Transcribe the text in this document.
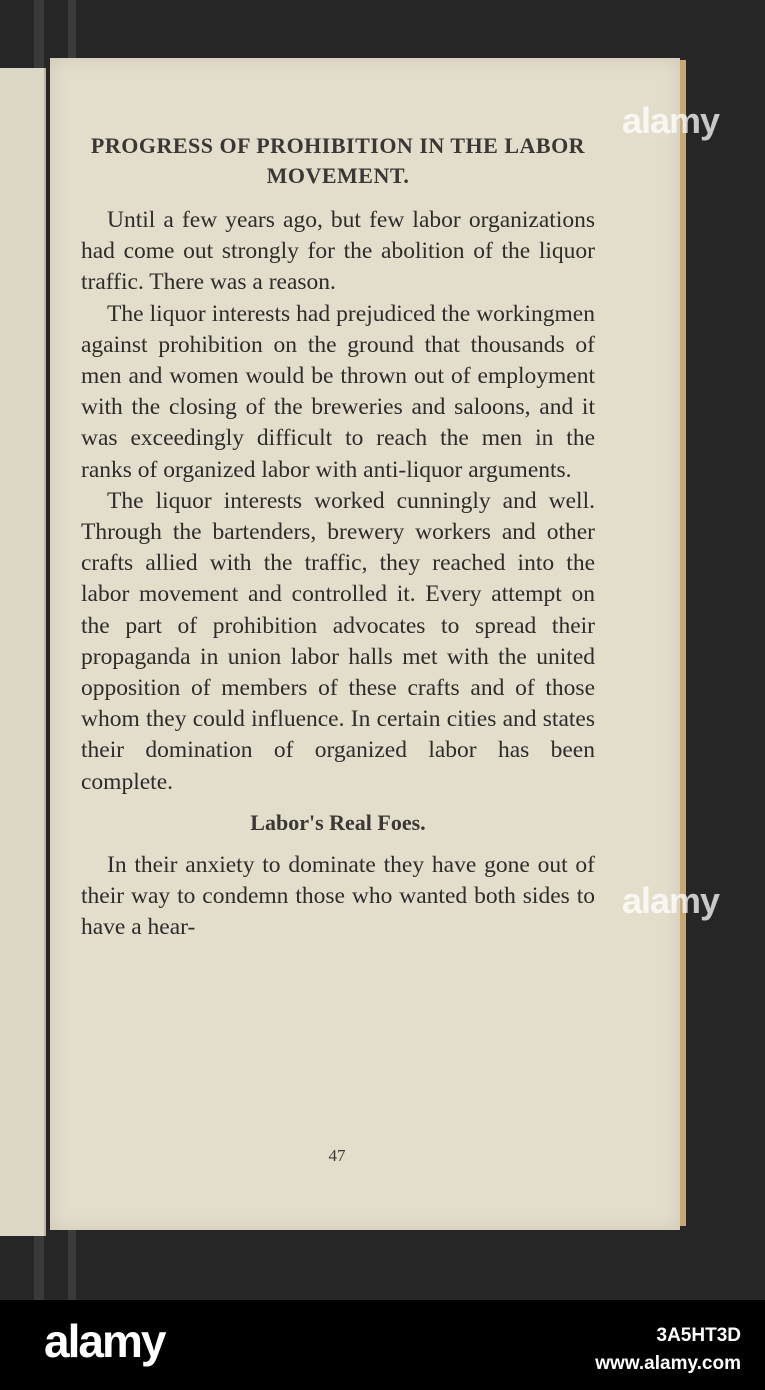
PROGRESS OF PROHIBITION IN THE LABOR MOVEMENT.

Until a few years ago, but few labor organizations had come out strongly for the abolition of the liquor traffic. There was a reason.

The liquor interests had prejudiced the workingmen against prohibition on the ground that thousands of men and women would be thrown out of employment with the closing of the breweries and saloons, and it was exceedingly difficult to reach the men in the ranks of organized labor with anti-liquor arguments.

The liquor interests worked cunningly and well. Through the bartenders, brewery workers and other crafts allied with the traffic, they reached into the labor movement and controlled it. Every attempt on the part of prohibition advocates to spread their propaganda in union labor halls met with the united opposition of members of these crafts and of those whom they could influence. In certain cities and states their domination of organized labor has been complete.

Labor's Real Foes.

In their anxiety to dominate they have gone out of their way to condemn those who wanted both sides to have a hear-

47
alamy
alamy
alamy	3A5HT3D
www.alamy.com
